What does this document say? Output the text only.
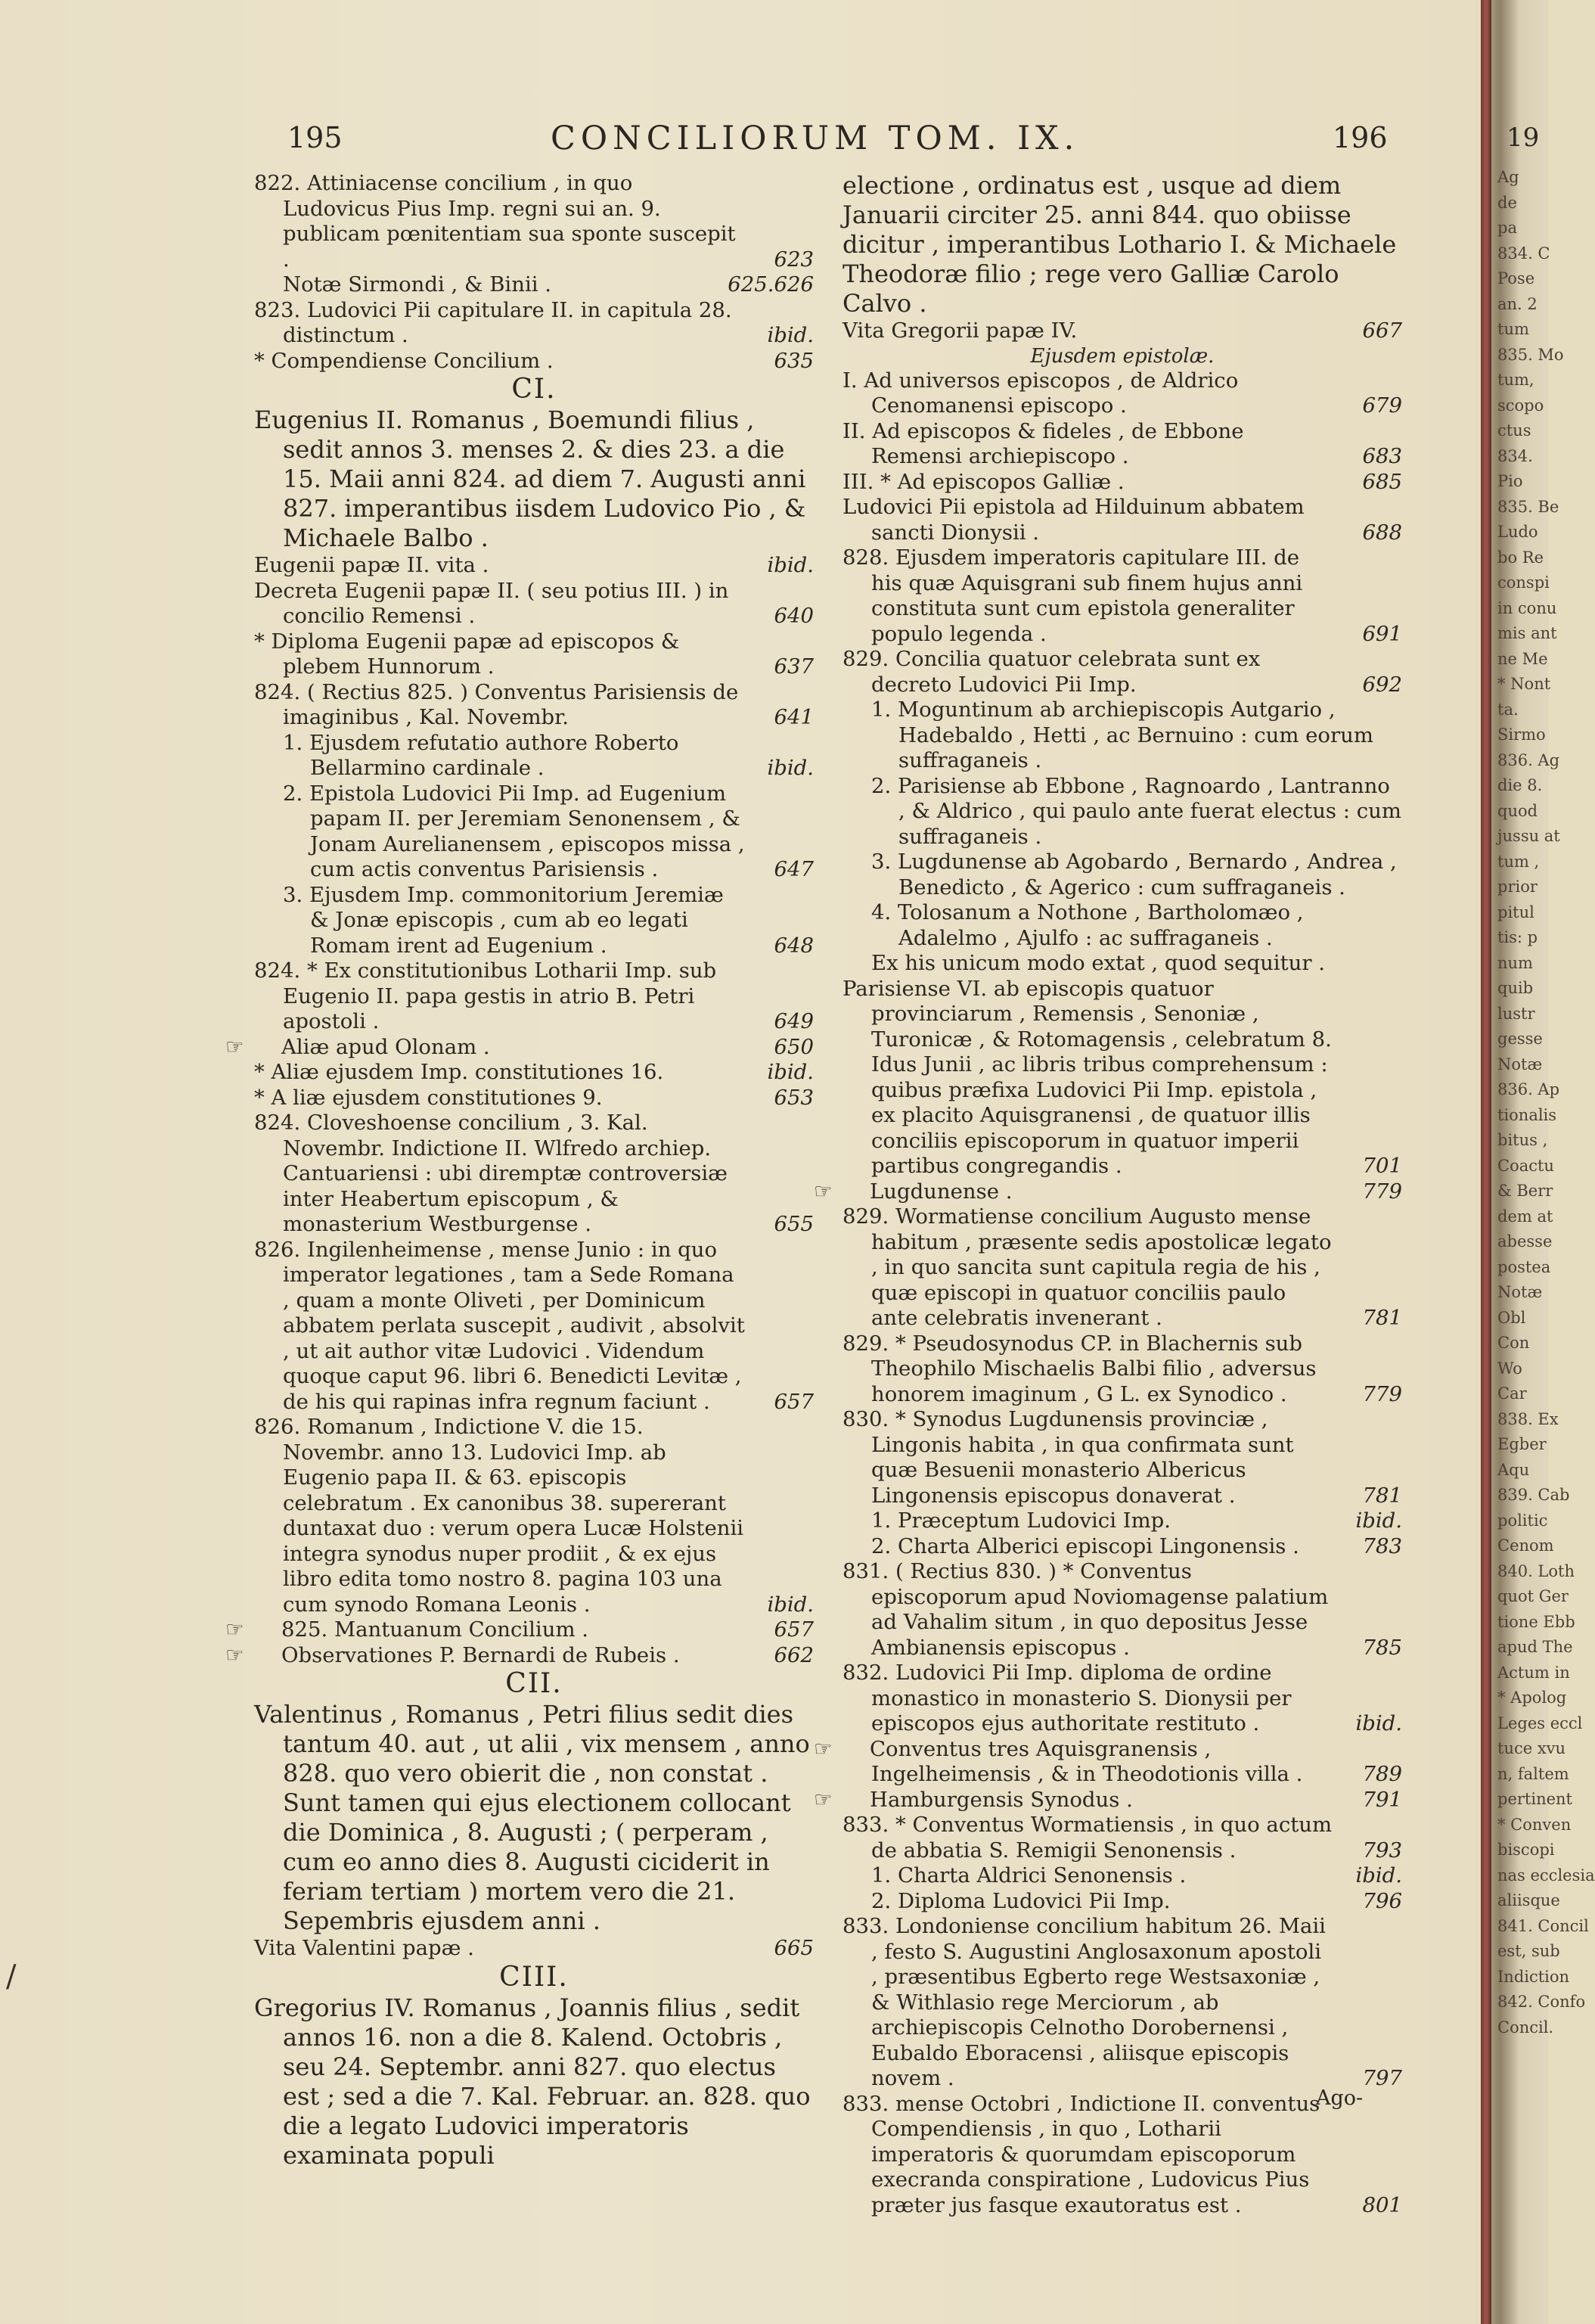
195	CONCILIORUM TOM. IX.	196
822. Attiniacense concilium , in quo Ludovicus Pius Imp. regni sui an. 9. publicam pœnitentiam sua sponte suscepit .	623
Notæ Sirmondi , & Binii .	625.626
823. Ludovici Pii capitulare II. in capitula 28. distinctum .	ibid.
* Compendiense Concilium .	635
CI.
Eugenius II. Romanus , Boemundi filius , sedit annos 3. menses 2. & dies 23. a die 15. Maii anni 824. ad diem 7. Augusti anni 827. imperantibus iisdem Ludovico Pio , & Michaele Balbo .
Eugenii papæ II. vita .	ibid.
Decreta Eugenii papæ II. ( seu potius III. ) in concilio Remensi .	640
* Diploma Eugenii papæ ad episcopos & plebem Hunnorum .	637
824. ( Rectius 825. ) Conventus Parisiensis de imaginibus , Kal. Novembr.	641
1. Ejusdem refutatio authore Roberto Bellarmino cardinale .	ibid.
2. Epistola Ludovici Pii Imp. ad Eugenium papam II. per Jeremiam Senonensem , & Jonam Aurelianensem , episcopos missa , cum actis conventus Parisiensis .	647
3. Ejusdem Imp. commonitorium Jeremiæ & Jonæ episcopis , cum ab eo legati Romam irent ad Eugenium .	648
824. * Ex constitutionibus Lotharii Imp. sub Eugenio II. papa gestis in atrio B. Petri apostoli .	649
☞ Aliæ apud Olonam .	650
* Aliæ ejusdem Imp. constitutiones 16.	ibid.
* A liæ ejusdem constitutiones 9.	653
824. Cloveshoense concilium , 3. Kal. Novembr. Indictione II. Wlfredo archiep. Cantuariensi : ubi diremptæ controversiæ inter Heabertum episcopum , & monasterium Westburgense .	655
826. Ingilenheimense , mense Junio : in quo imperator legationes , tam a Sede Romana , quam a monte Oliveti , per Dominicum abbatem perlata suscepit , audivit , absolvit , ut ait author vitæ Ludovici . Videndum quoque caput 96. libri 6. Benedicti Levitæ , de his qui rapinas infra regnum faciunt .	657
826. Romanum , Indictione V. die 15. Novembr. anno 13. Ludovici Imp. ab Eugenio papa II. & 63. episcopis celebratum . Ex canonibus 38. supererant duntaxat duo : verum opera Lucæ Holstenii integra synodus nuper prodiit , & ex ejus libro edita tomo nostro 8. pagina 103 una cum synodo Romana Leonis .	ibid.
☞ 825. Mantuanum Concilium .	657
☞ Observationes P. Bernardi de Rubeis .	662
CII.
Valentinus , Romanus , Petri filius sedit dies tantum 40. aut , ut alii , vix mensem , anno 828. quo vero obierit die , non constat . Sunt tamen qui ejus electionem collocant die Dominica , 8. Augusti ; ( perperam , cum eo anno dies 8. Augusti ciciderit in feriam tertiam ) mortem vero die 21. Sepembris ejusdem anni .
Vita Valentini papæ .	665
CIII.
Gregorius IV. Romanus , Joannis filius , sedit annos 16. non a die 8. Kalend. Octobris , seu 24. Septembr. anni 827. quo electus est ; sed a die 7. Kal. Februar. an. 828. quo die a legato Ludovici imperatoris examinata populi
electione , ordinatus est , usque ad diem Januarii circiter 25. anni 844. quo obiisse dicitur , imperantibus Lothario I. & Michaele Theodoræ filio ; rege vero Galliæ Carolo Calvo .
Vita Gregorii papæ IV.	667
Ejusdem epistolæ.
I. Ad universos episcopos , de Aldrico Cenomanensi episcopo .	679
II. Ad episcopos & fideles , de Ebbone Remensi archiepiscopo .	683
III. * Ad episcopos Galliæ .	685
Ludovici Pii epistola ad Hilduinum abbatem sancti Dionysii .	688
828. Ejusdem imperatoris capitulare III. de his quæ Aquisgrani sub finem hujus anni constituta sunt cum epistola generaliter populo legenda .	691
829. Concilia quatuor celebrata sunt ex decreto Ludovici Pii Imp.	692
1. Moguntinum ab archiepiscopis Autgario , Hadebaldo , Hetti , ac Bernuino : cum eorum suffraganeis .
2. Parisiense ab Ebbone , Ragnoardo , Lantranno , & Aldrico , qui paulo ante fuerat electus : cum suffraganeis .
3. Lugdunense ab Agobardo , Bernardo , Andrea , Benedicto , & Agerico : cum suffraganeis .
4. Tolosanum a Nothone , Bartholomæo , Adalelmo , Ajulfo : ac suffraganeis .
Ex his unicum modo extat , quod sequitur .
Parisiense VI. ab episcopis quatuor provinciarum , Remensis , Senoniæ , Turonicæ , & Rotomagensis , celebratum 8. Idus Junii , ac libris tribus comprehensum : quibus præfixa Ludovici Pii Imp. epistola , ex placito Aquisgranensi , de quatuor illis conciliis episcoporum in quatuor imperii partibus congregandis .	701
☞ Lugdunense .	779
829. Wormatiense concilium Augusto mense habitum , præsente sedis apostolicæ legato , in quo sancita sunt capitula regia de his , quæ episcopi in quatuor conciliis paulo ante celebratis invenerant .	781
829. * Pseudosynodus CP. in Blachernis sub Theophilo Mischaelis Balbi filio , adversus honorem imaginum , G L. ex Synodico .	779
830. * Synodus Lugdunensis provinciæ , Lingonis habita , in qua confirmata sunt quæ Besuenii monasterio Albericus Lingonensis episcopus donaverat .	781
1. Præceptum Ludovici Imp.	ibid.
2. Charta Alberici episcopi Lingonensis .	783
831. ( Rectius 830. ) * Conventus episcoporum apud Noviomagense palatium ad Vahalim situm , in quo depositus Jesse Ambianensis episcopus .	785
832. Ludovici Pii Imp. diploma de ordine monastico in monasterio S. Dionysii per episcopos ejus authoritate restituto .	ibid.
☞ Conventus tres Aquisgranensis , Ingelheimensis , & in Theodotionis villa .	789
☞ Hamburgensis Synodus .	791
833. * Conventus Wormatiensis , in quo actum de abbatia S. Remigii Senonensis .	793
1. Charta Aldrici Senonensis .	ibid.
2. Diploma Ludovici Pii Imp.	796
833. Londoniense concilium habitum 26. Maii , festo S. Augustini Anglosaxonum apostoli , præsentibus Egberto rege Westsaxoniæ , & Withlasio rege Merciorum , ab archiepiscopis Celnotho Dorobernensi , Eubaldo Eboracensi , aliisque episcopis novem .	797
833. mense Octobri , Indictione II. conventus Compendiensis , in quo , Lotharii imperatoris & quorumdam episcoporum execranda conspiratione , Ludovicus Pius præter jus fasque exautoratus est .	801
Ago-
/
19
Ag
de
pa
834. C
Pose
an. 2
tum
835. Mo
tum,
scopo
ctus
834.
Pio
835. Be
Ludo
bo Re
conspi
in conu
mis ant
ne Me
* Nont
ta.
Sirmo
836. Ag
die 8.
quod
jussu at
tum ,
prior
pitul
tis: p
num
quib
lustr
gesse
Notæ
836. Ap
tionalis
bitus ,
Coactu
& Berr
dem at
abesse
postea
Notæ
Obl
Con
Wo
Car
838. Ex
Egber
Aqu
839. Cab
politic
Cenom
840. Loth
quot Ger
tione Ebb
apud The
Actum in
* Apolog
Leges eccl
tuce xvu
n, faltem
pertinent
* Conven
biscopi
nas ecclesia
aliisque
841. Concil
est, sub
Indiction
842. Confo
Concil.
